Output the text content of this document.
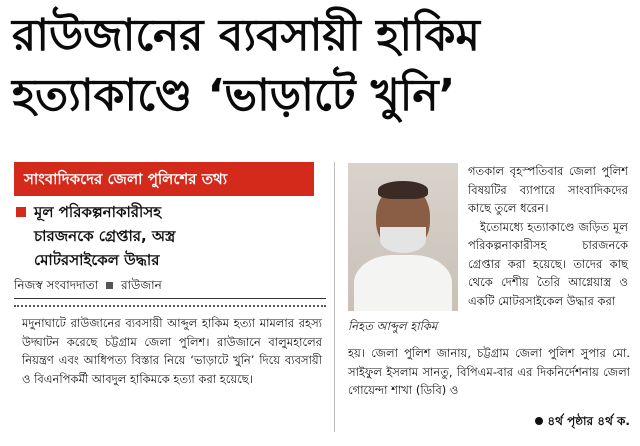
রাউজানের ব্যবসায়ী হাকিম
হত্যাকাণ্ডে ‘ভাড়াটে খুনি’
সাংবাদিকদের জেলা পুলিশের তথ্য
মূল পরিকল্পনাকারীসহ
চারজনকে গ্রেপ্তার, অস্ত্র
মোটরসাইকেল উদ্ধার
নিজস্ব সংবাদদাতা রাউজান

মদুনাঘাটে রাউজানের ব্যবসায়ী আব্দুল হাকিম হত্যা মামলার রহস্য উদ্ঘাটন করেছে চট্টগ্রাম জেলা পুলিশ। রাউজানে বালুমহালের নিয়ন্ত্রণ এবং আধিপত্য বিস্তার নিয়ে ‘ভাড়াটে খুনি’ দিয়ে ব্যবসায়ী ও বিএনপিকর্মী আবদুল হাকিমকে হত্যা করা হয়েছে।

নিহত আব্দুল হাকিম

গতকাল বৃহস্পতিবার জেলা পুলিশ বিষয়টির ব্যাপারে সাংবাদিকদের কাছে তুলে ধরেন।

ইতোমধ্যে হত্যাকাণ্ডে জড়িত মূল পরিকল্পনাকারীসহ চারজনকে গ্রেপ্তার করা হয়েছে। তাদের কাছ থেকে দেশীয় তৈরি আগ্নেয়াস্ত্র ও একটি মোটরসাইকেল উদ্ধার করা

হয়। জেলা পুলিশ জানায়, চট্টগ্রাম জেলা পুলিশ সুপার মো. সাইফুল ইসলাম সানতু, বিপিএম-বার এর দিকনির্দেশনায় জেলা গোয়েন্দা শাখা (ডিবি) ও
৪র্থ পৃষ্ঠার ৪র্থ ক.
